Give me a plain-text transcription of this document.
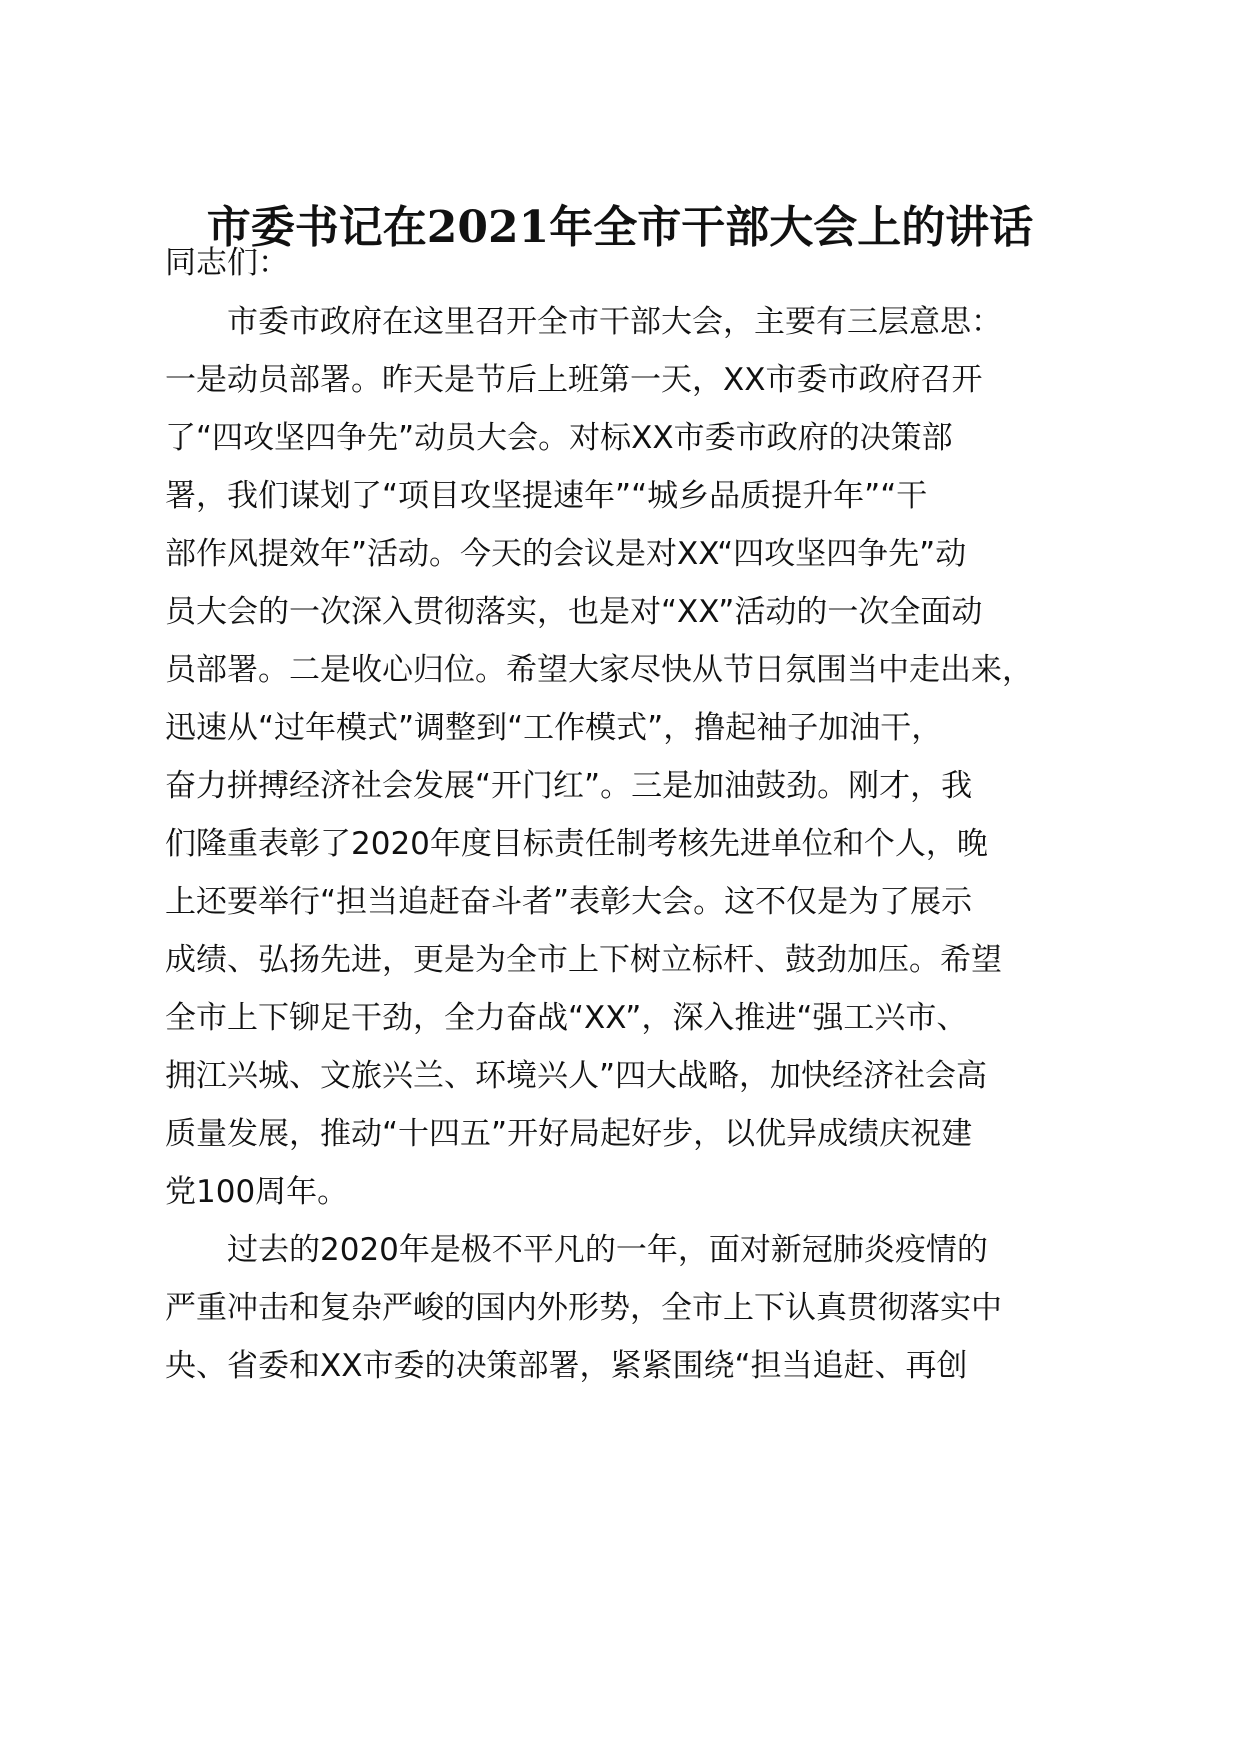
市委书记在2021年全市干部大会上的讲话
同志们：
　　市委市政府在这里召开全市干部大会，主要有三层意思：
一是动员部署。昨天是节后上班第一天，XX市委市政府召开
了“四攻坚四争先”动员大会。对标XX市委市政府的决策部
署，我们谋划了“项目攻坚提速年”“城乡品质提升年”“干
部作风提效年”活动。今天的会议是对XX“四攻坚四争先”动
员大会的一次深入贯彻落实，也是对“XX”活动的一次全面动
员部署。二是收心归位。希望大家尽快从节日氛围当中走出来，
迅速从“过年模式”调整到“工作模式”，撸起袖子加油干，
奋力拼搏经济社会发展“开门红”。三是加油鼓劲。刚才，我
们隆重表彰了2020年度目标责任制考核先进单位和个人，晚
上还要举行“担当追赶奋斗者”表彰大会。这不仅是为了展示
成绩、弘扬先进，更是为全市上下树立标杆、鼓劲加压。希望
全市上下铆足干劲，全力奋战“XX”，深入推进“强工兴市、
拥江兴城、文旅兴兰、环境兴人”四大战略，加快经济社会高
质量发展，推动“十四五”开好局起好步，以优异成绩庆祝建
党100周年。
　　过去的2020年是极不平凡的一年，面对新冠肺炎疫情的
严重冲击和复杂严峻的国内外形势，全市上下认真贯彻落实中
央、省委和XX市委的决策部署，紧紧围绕“担当追赶、再创
